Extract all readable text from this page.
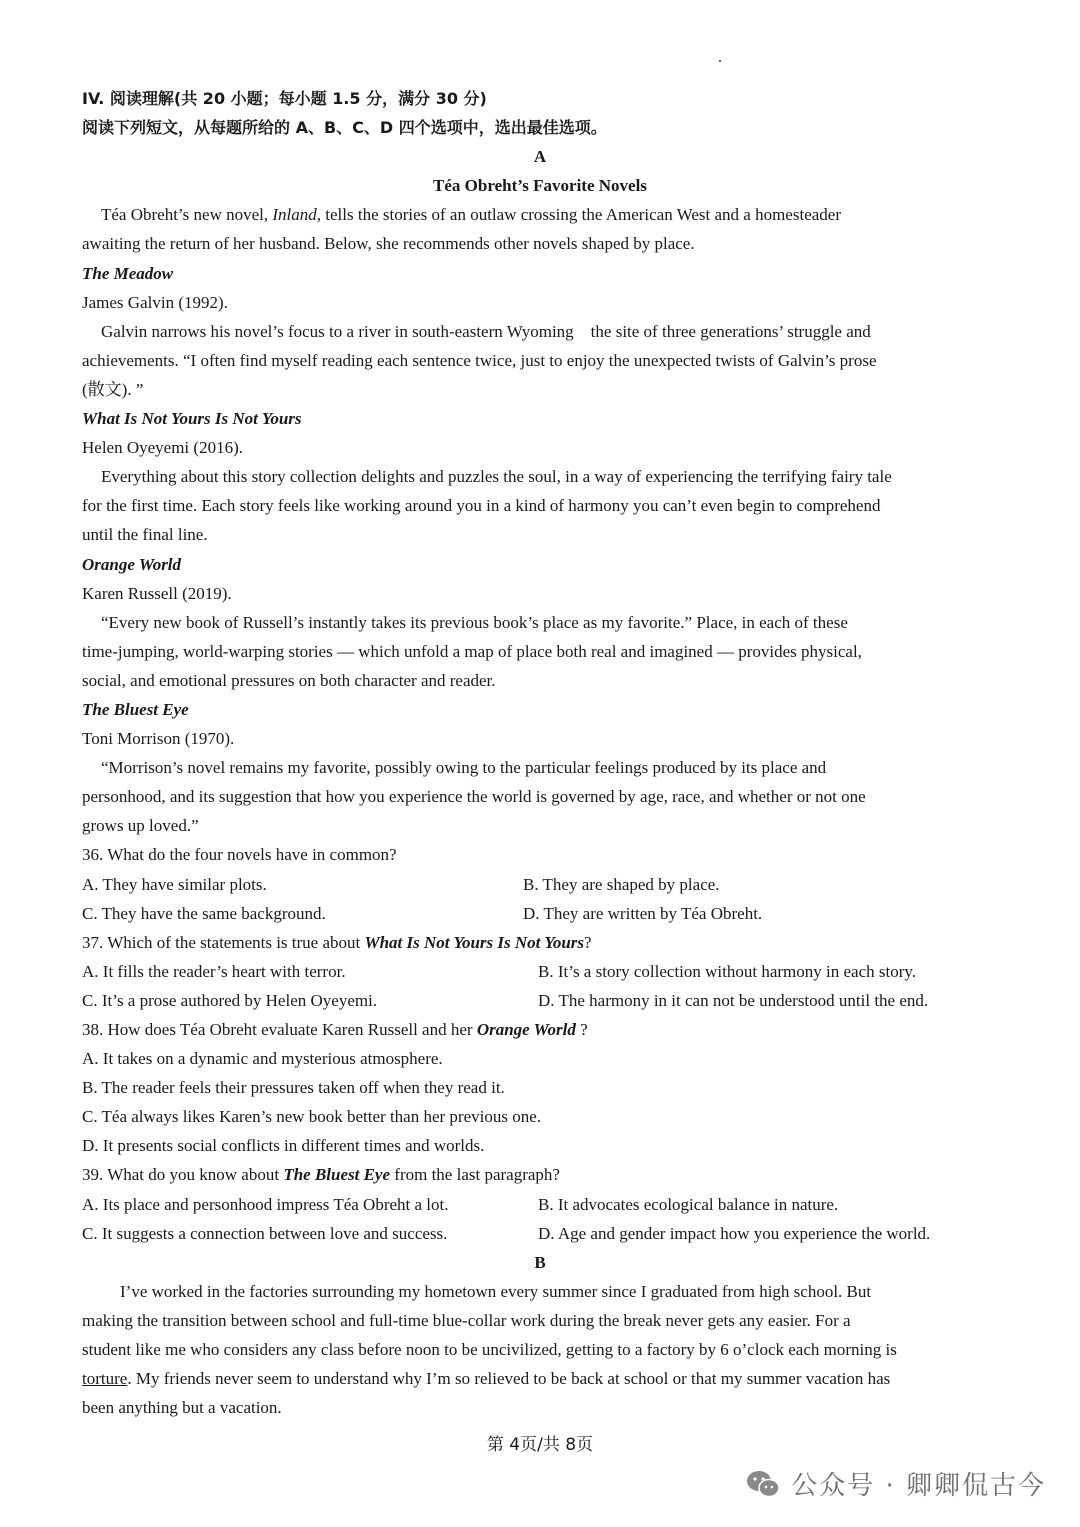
IV. 阅读理解(共 20 小题；每小题 1.5 分，满分 30 分)
阅读下列短文，从每题所给的 A、B、C、D 四个选项中，选出最佳选项。
A
Téa Obreht’s Favorite Novels
Téa Obreht’s new novel, Inland, tells the stories of an outlaw crossing the American West and a homesteader
awaiting the return of her husband. Below, she recommends other novels shaped by place.
The Meadow
James Galvin (1992).
Galvin narrows his novel’s focus to a river in south-eastern Wyoming    the site of three generations’ struggle and
achievements. “I often find myself reading each sentence twice, just to enjoy the unexpected twists of Galvin’s prose
(散文). ”
What Is Not Yours Is Not Yours
Helen Oyeyemi (2016).
Everything about this story collection delights and puzzles the soul, in a way of experiencing the terrifying fairy tale
for the first time. Each story feels like working around you in a kind of harmony you can’t even begin to comprehend
until the final line.
Orange World
Karen Russell (2019).
“Every new book of Russell’s instantly takes its previous book’s place as my favorite.” Place, in each of these
time-jumping, world-warping stories — which unfold a map of place both real and imagined — provides physical,
social, and emotional pressures on both character and reader.
The Bluest Eye
Toni Morrison (1970).
“Morrison’s novel remains my favorite, possibly owing to the particular feelings produced by its place and
personhood, and its suggestion that how you experience the world is governed by age, race, and whether or not one
grows up loved.”
36. What do the four novels have in common?
A. They have similar plots.	B. They are shaped by place.
C. They have the same background.	D. They are written by Téa Obreht.
37. Which of the statements is true about What Is Not Yours Is Not Yours?
A. It fills the reader’s heart with terror.	B. It’s a story collection without harmony in each story.
C. It’s a prose authored by Helen Oyeyemi.	D. The harmony in it can not be understood until the end.
38. How does Téa Obreht evaluate Karen Russell and her Orange World ?
A. It takes on a dynamic and mysterious atmosphere.
B. The reader feels their pressures taken off when they read it.
C. Téa always likes Karen’s new book better than her previous one.
D. It presents social conflicts in different times and worlds.
39. What do you know about The Bluest Eye from the last paragraph?
A. Its place and personhood impress Téa Obreht a lot.	B. It advocates ecological balance in nature.
C. It suggests a connection between love and success.	D. Age and gender impact how you experience the world.
B
I’ve worked in the factories surrounding my hometown every summer since I graduated from high school. But
making the transition between school and full-time blue-collar work during the break never gets any easier. For a
student like me who considers any class before noon to be uncivilized, getting to a factory by 6 o’clock each morning is
torture. My friends never seem to understand why I’m so relieved to be back at school or that my summer vacation has
been anything but a vacation.
第 4页/共 8页
公众号 · 卿卿侃古今
